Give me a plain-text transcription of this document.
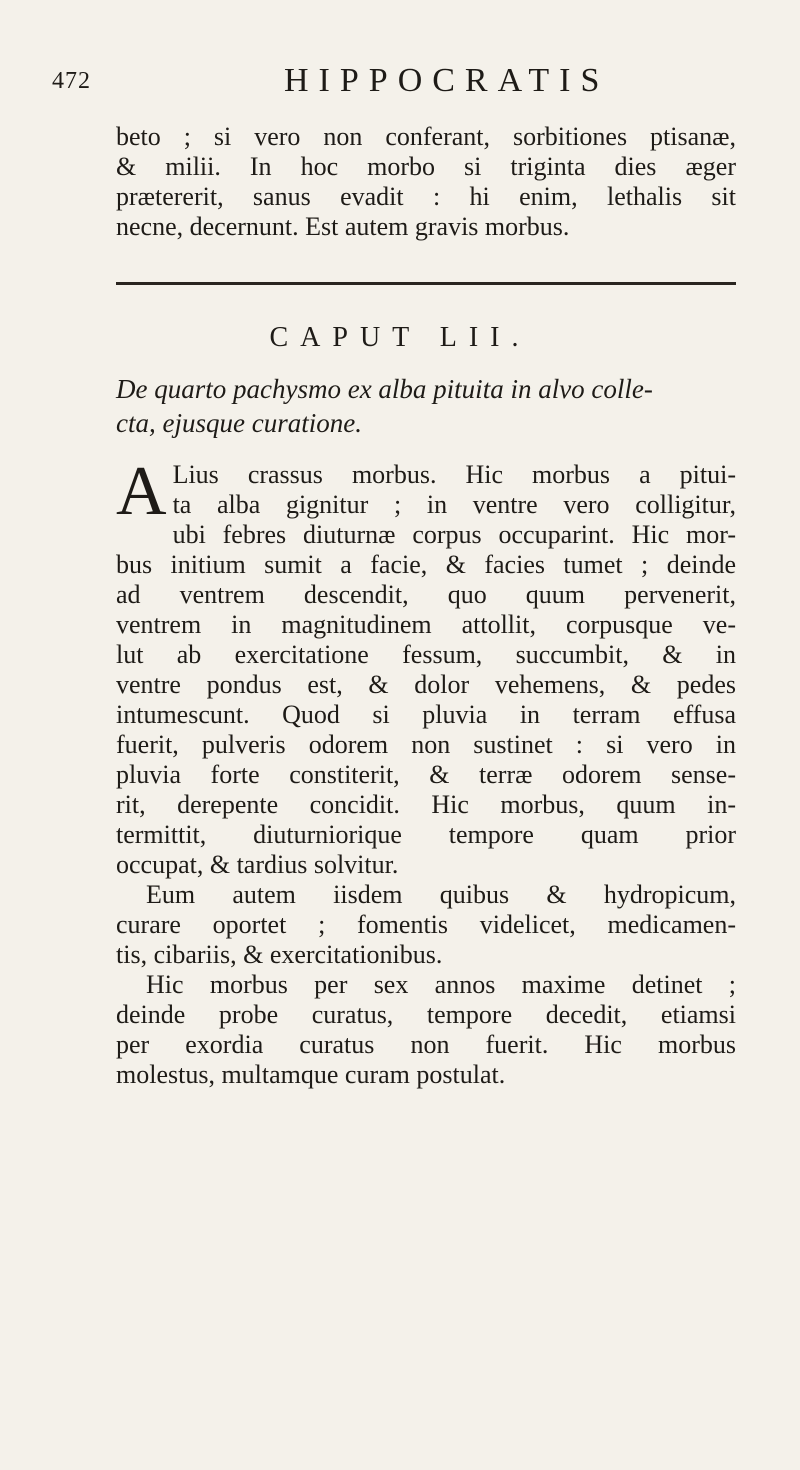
472	HIPPOCRATIS
beto ; si vero non conferant, sorbitiones ptisanæ,
& milii. In hoc morbo si triginta dies æger
prætererit, sanus evadit : hi enim, lethalis sit
necne, decernunt. Est autem gravis morbus.
CAPUT LII.
De quarto pachysmo ex alba pituita in alvo colle-
cta, ejusque curatione.
A Lius crassus morbus. Hic morbus a pitui-
ta alba gignitur ; in ventre vero colligitur,
ubi febres diuturnæ corpus occuparint. Hic mor-
bus initium sumit a facie, & facies tumet ; deinde
ad ventrem descendit, quo quum pervenerit,
ventrem in magnitudinem attollit, corpusque ve-
lut ab exercitatione fessum, succumbit, & in
ventre pondus est, & dolor vehemens, & pedes
intumescunt. Quod si pluvia in terram effusa
fuerit, pulveris odorem non sustinet : si vero in
pluvia forte constiterit, & terræ odorem sense-
rit, derepente concidit. Hic morbus, quum in-
termittit, diuturniorique tempore quam prior
occupat, & tardius solvitur.
Eum autem iisdem quibus & hydropicum,
curare oportet ; fomentis videlicet, medicamen-
tis, cibariis, & exercitationibus.
Hic morbus per sex annos maxime detinet ;
deinde probe curatus, tempore decedit, etiamsi
per exordia curatus non fuerit. Hic morbus
molestus, multamque curam postulat.
